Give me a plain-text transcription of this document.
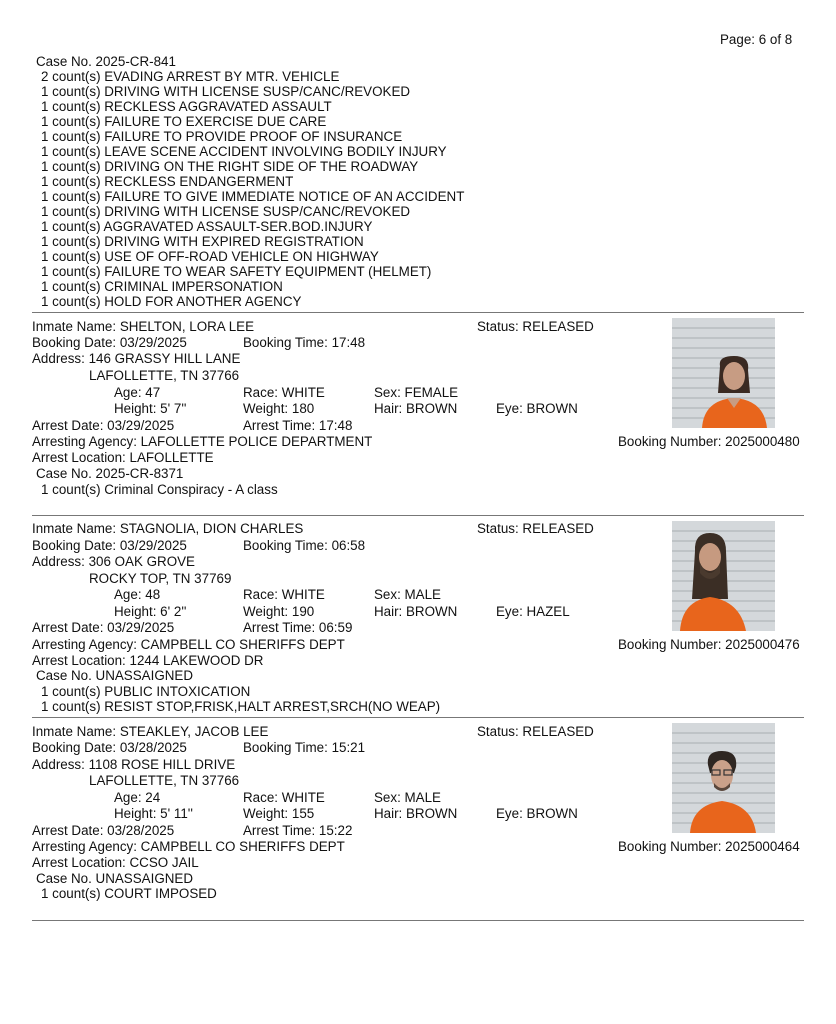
Page: 6 of 8
Case No. 2025-CR-841
2 count(s) EVADING ARREST BY MTR. VEHICLE
1 count(s) DRIVING WITH LICENSE SUSP/CANC/REVOKED
1 count(s) RECKLESS AGGRAVATED ASSAULT
1 count(s) FAILURE TO EXERCISE DUE CARE
1 count(s) FAILURE TO PROVIDE PROOF OF INSURANCE
1 count(s) LEAVE SCENE ACCIDENT INVOLVING BODILY INJURY
1 count(s) DRIVING ON THE RIGHT SIDE OF THE ROADWAY
1 count(s) RECKLESS ENDANGERMENT
1 count(s) FAILURE TO GIVE IMMEDIATE NOTICE OF AN ACCIDENT
1 count(s) DRIVING WITH LICENSE SUSP/CANC/REVOKED
1 count(s) AGGRAVATED ASSAULT-SER.BOD.INJURY
1 count(s) DRIVING WITH EXPIRED REGISTRATION
1 count(s) USE OF OFF-ROAD VEHICLE ON HIGHWAY
1 count(s) FAILURE TO WEAR SAFETY EQUIPMENT (HELMET)
1 count(s) CRIMINAL IMPERSONATION
1 count(s) HOLD FOR ANOTHER AGENCY
Inmate Name: SHELTON, LORA LEE	Status: RELEASED
Booking Date: 03/29/2025	Booking Time: 17:48
Address: 146 GRASSY HILL LANE
LAFOLLETTE, TN 37766
Age: 47	Race: WHITE	Sex: FEMALE
Height: 5' 7''	Weight: 180	Hair: BROWN	Eye: BROWN
Arrest Date: 03/29/2025	Arrest Time: 17:48
Arresting Agency: LAFOLLETTE POLICE DEPARTMENT	Booking Number: 2025000480
Arrest Location: LAFOLLETTE
Case No. 2025-CR-8371
1 count(s) Criminal Conspiracy - A class
Inmate Name: STAGNOLIA, DION CHARLES	Status: RELEASED
Booking Date: 03/29/2025	Booking Time: 06:58
Address: 306 OAK GROVE
ROCKY TOP, TN 37769
Age: 48	Race: WHITE	Sex: MALE
Height: 6' 2''	Weight: 190	Hair: BROWN	Eye: HAZEL
Arrest Date: 03/29/2025	Arrest Time: 06:59
Arresting Agency: CAMPBELL CO SHERIFFS DEPT	Booking Number: 2025000476
Arrest Location: 1244 LAKEWOOD DR
Case No. UNASSAIGNED
1 count(s) PUBLIC INTOXICATION
1 count(s) RESIST STOP,FRISK,HALT ARREST,SRCH(NO WEAP)
Inmate Name: STEAKLEY, JACOB LEE	Status: RELEASED
Booking Date: 03/28/2025	Booking Time: 15:21
Address: 1108 ROSE HILL DRIVE
LAFOLLETTE, TN 37766
Age: 24	Race: WHITE	Sex: MALE
Height: 5' 11''	Weight: 155	Hair: BROWN	Eye: BROWN
Arrest Date: 03/28/2025	Arrest Time: 15:22
Arresting Agency: CAMPBELL CO SHERIFFS DEPT	Booking Number: 2025000464
Arrest Location: CCSO JAIL
Case No. UNASSAIGNED
1 count(s) COURT IMPOSED
